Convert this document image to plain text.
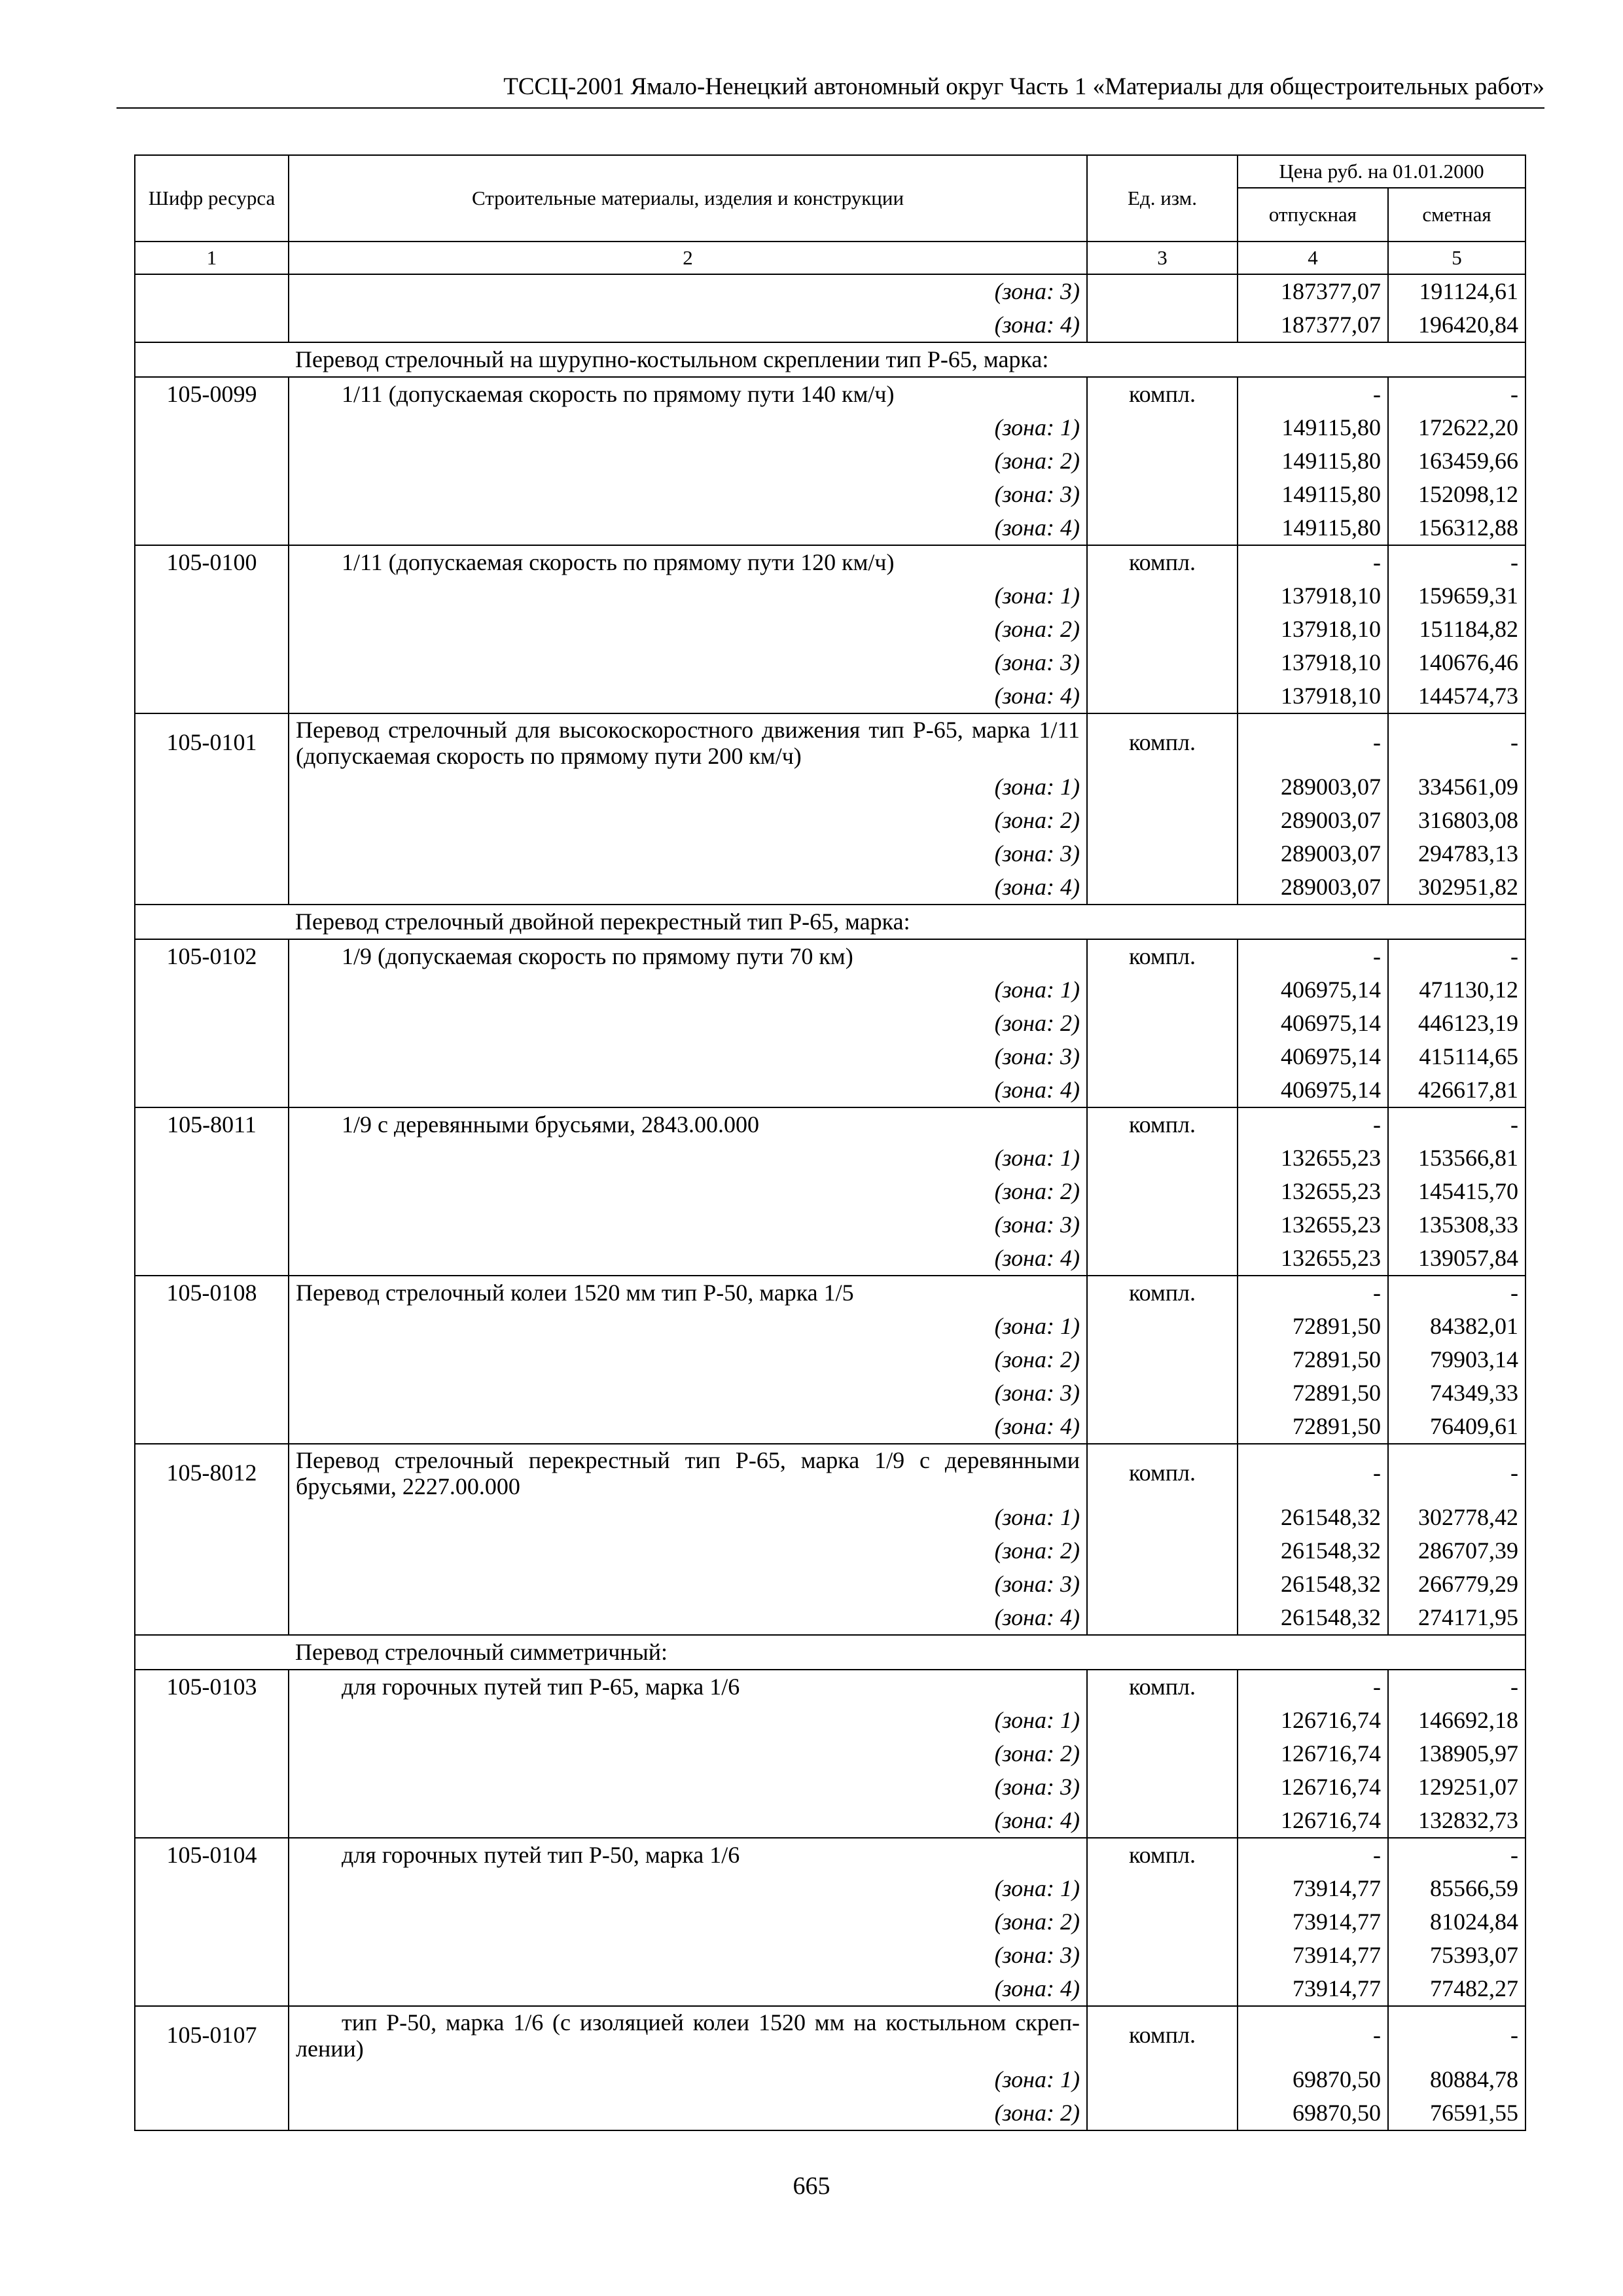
ТССЦ-2001 Ямало-Ненецкий автономный округ Часть 1 «Материалы для общестроительных работ»
Шифр ресурса	Строительные материалы, изделия и конструкции	Ед. изм.	Цена руб. на 01.01.2000	
			отпускная	сметная
1	2	3	4	5
	(зона: 3)		187377,07	191124,61
	(зона: 4)		187377,07	196420,84
	Перевод стрелочный на шурупно-костыльном скреплении тип Р-65, марка:			
105-0099	1/11 (допускаемая скорость по прямому пути 140 км/ч)	компл.	-	-
	(зона: 1)		149115,80	172622,20
	(зона: 2)		149115,80	163459,66
	(зона: 3)		149115,80	152098,12
	(зона: 4)		149115,80	156312,88
105-0100	1/11 (допускаемая скорость по прямому пути 120 км/ч)	компл.	-	-
	(зона: 1)		137918,10	159659,31
	(зона: 2)		137918,10	151184,82
	(зона: 3)		137918,10	140676,46
	(зона: 4)		137918,10	144574,73
105-0101	Перевод стрелочный для высокоскоростного движения тип Р-65, марка 1/11 (допускаемая скорость по прямому пути 200 км/ч)	компл.	-	-
	(зона: 1)		289003,07	334561,09
	(зона: 2)		289003,07	316803,08
	(зона: 3)		289003,07	294783,13
	(зона: 4)		289003,07	302951,82
	Перевод стрелочный двойной перекрестный тип Р-65, марка:			
105-0102	1/9 (допускаемая скорость по прямому пути 70 км)	компл.	-	-
	(зона: 1)		406975,14	471130,12
	(зона: 2)		406975,14	446123,19
	(зона: 3)		406975,14	415114,65
	(зона: 4)		406975,14	426617,81
105-8011	1/9 с деревянными брусьями, 2843.00.000	компл.	-	-
	(зона: 1)		132655,23	153566,81
	(зона: 2)		132655,23	145415,70
	(зона: 3)		132655,23	135308,33
	(зона: 4)		132655,23	139057,84
105-0108	Перевод стрелочный колеи 1520 мм тип Р-50, марка 1/5	компл.	-	-
	(зона: 1)		72891,50	84382,01
	(зона: 2)		72891,50	79903,14
	(зона: 3)		72891,50	74349,33
	(зона: 4)		72891,50	76409,61
105-8012	Перевод стрелочный перекрестный тип Р-65, марка 1/9 с деревянными брусьями, 2227.00.000	компл.	-	-
	(зона: 1)		261548,32	302778,42
	(зона: 2)		261548,32	286707,39
	(зона: 3)		261548,32	266779,29
	(зона: 4)		261548,32	274171,95
	Перевод стрелочный симметричный:			
105-0103	для горочных путей тип Р-65, марка 1/6	компл.	-	-
	(зона: 1)		126716,74	146692,18
	(зона: 2)		126716,74	138905,97
	(зона: 3)		126716,74	129251,07
	(зона: 4)		126716,74	132832,73
105-0104	для горочных путей тип Р-50, марка 1/6	компл.	-	-
	(зона: 1)		73914,77	85566,59
	(зона: 2)		73914,77	81024,84
	(зона: 3)		73914,77	75393,07
	(зона: 4)		73914,77	77482,27
105-0107	тип Р-50, марка 1/6 (с изоляцией колеи 1520 мм на костыльном скреп-лении)	компл.	-	-
	(зона: 1)		69870,50	80884,78
	(зона: 2)		69870,50	76591,55
665
